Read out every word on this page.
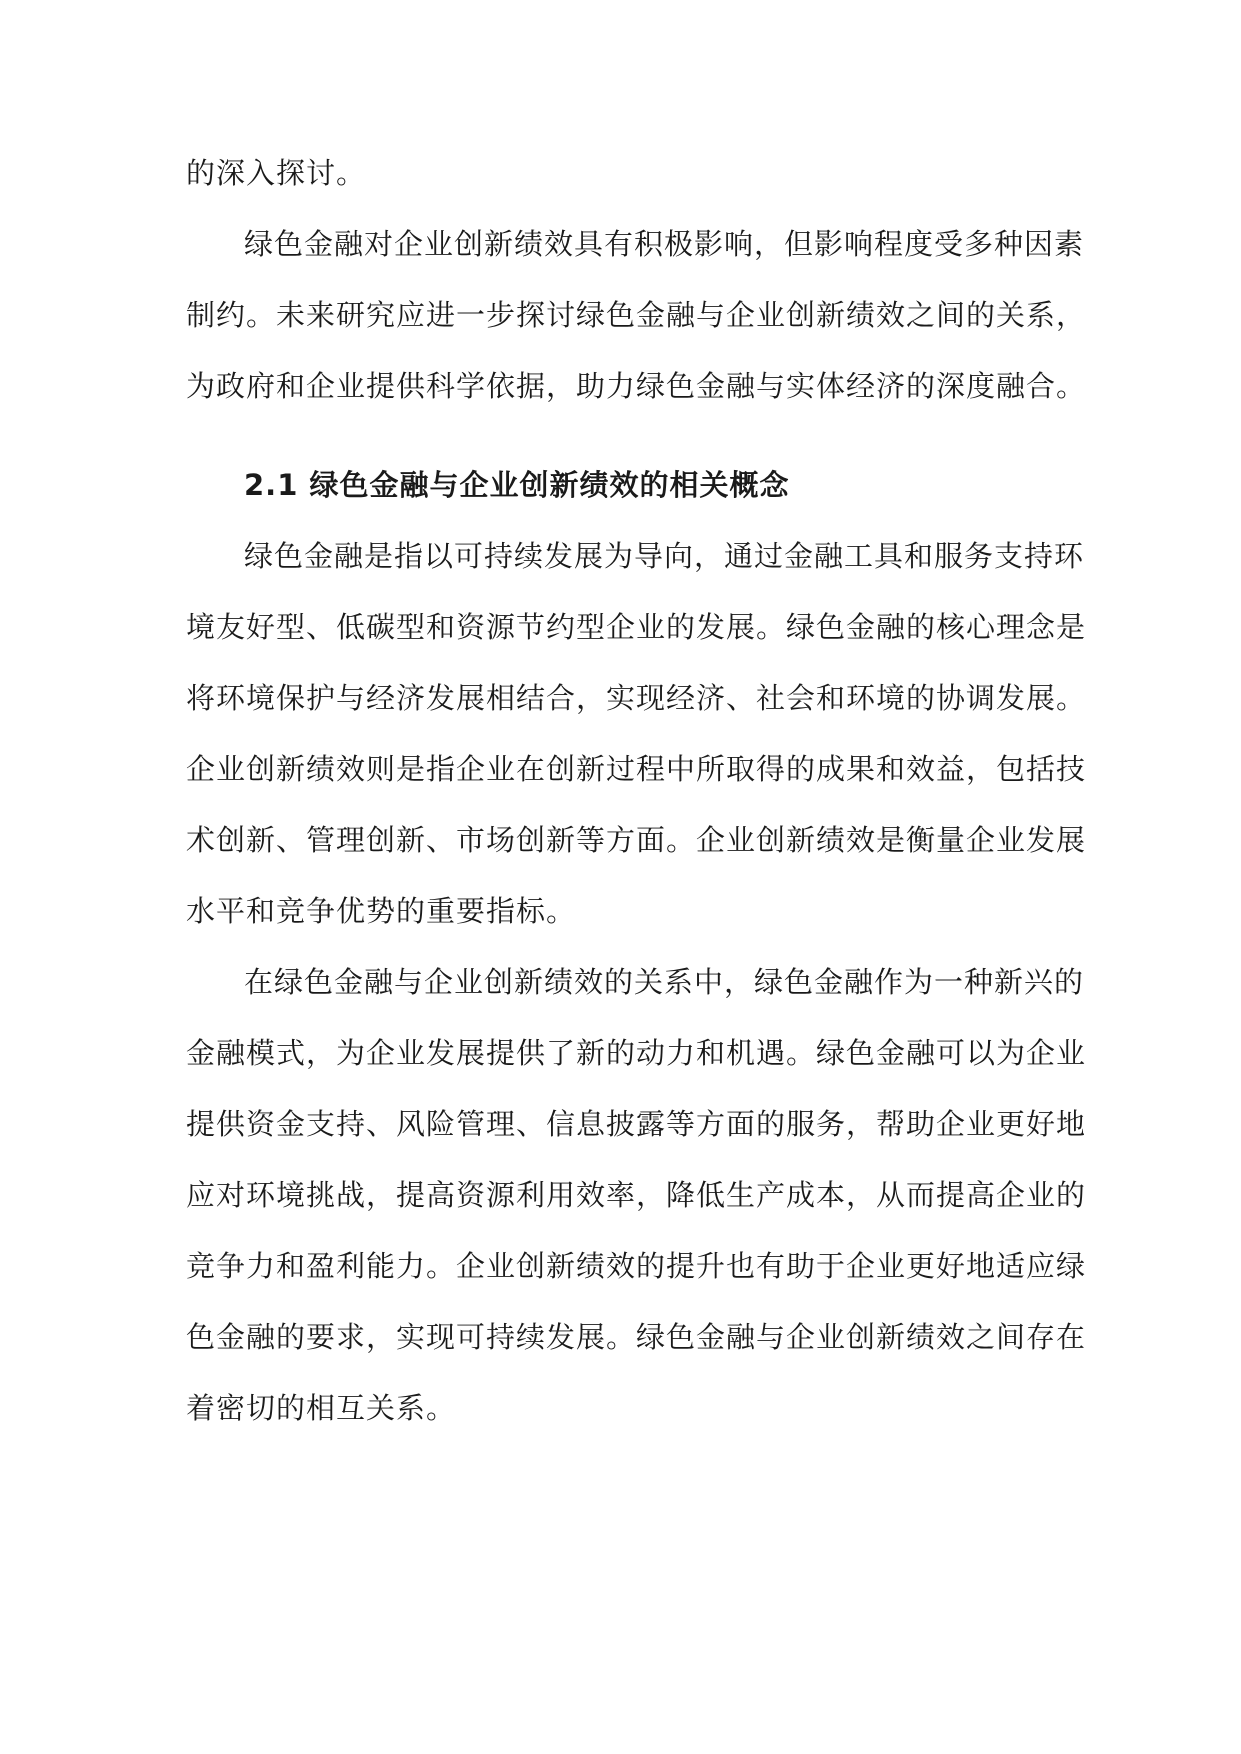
的深入探讨。

绿色金融对企业创新绩效具有积极影响，但影响程度受多种因素
制约。未来研究应进一步探讨绿色金融与企业创新绩效之间的关系，
为政府和企业提供科学依据，助力绿色金融与实体经济的深度融合。

2.1 绿色金融与企业创新绩效的相关概念

绿色金融是指以可持续发展为导向，通过金融工具和服务支持环
境友好型、低碳型和资源节约型企业的发展。绿色金融的核心理念是
将环境保护与经济发展相结合，实现经济、社会和环境的协调发展。
企业创新绩效则是指企业在创新过程中所取得的成果和效益，包括技
术创新、管理创新、市场创新等方面。企业创新绩效是衡量企业发展
水平和竞争优势的重要指标。

在绿色金融与企业创新绩效的关系中，绿色金融作为一种新兴的
金融模式，为企业发展提供了新的动力和机遇。绿色金融可以为企业
提供资金支持、风险管理、信息披露等方面的服务，帮助企业更好地
应对环境挑战，提高资源利用效率，降低生产成本，从而提高企业的
竞争力和盈利能力。企业创新绩效的提升也有助于企业更好地适应绿
色金融的要求，实现可持续发展。绿色金融与企业创新绩效之间存在
着密切的相互关系。
